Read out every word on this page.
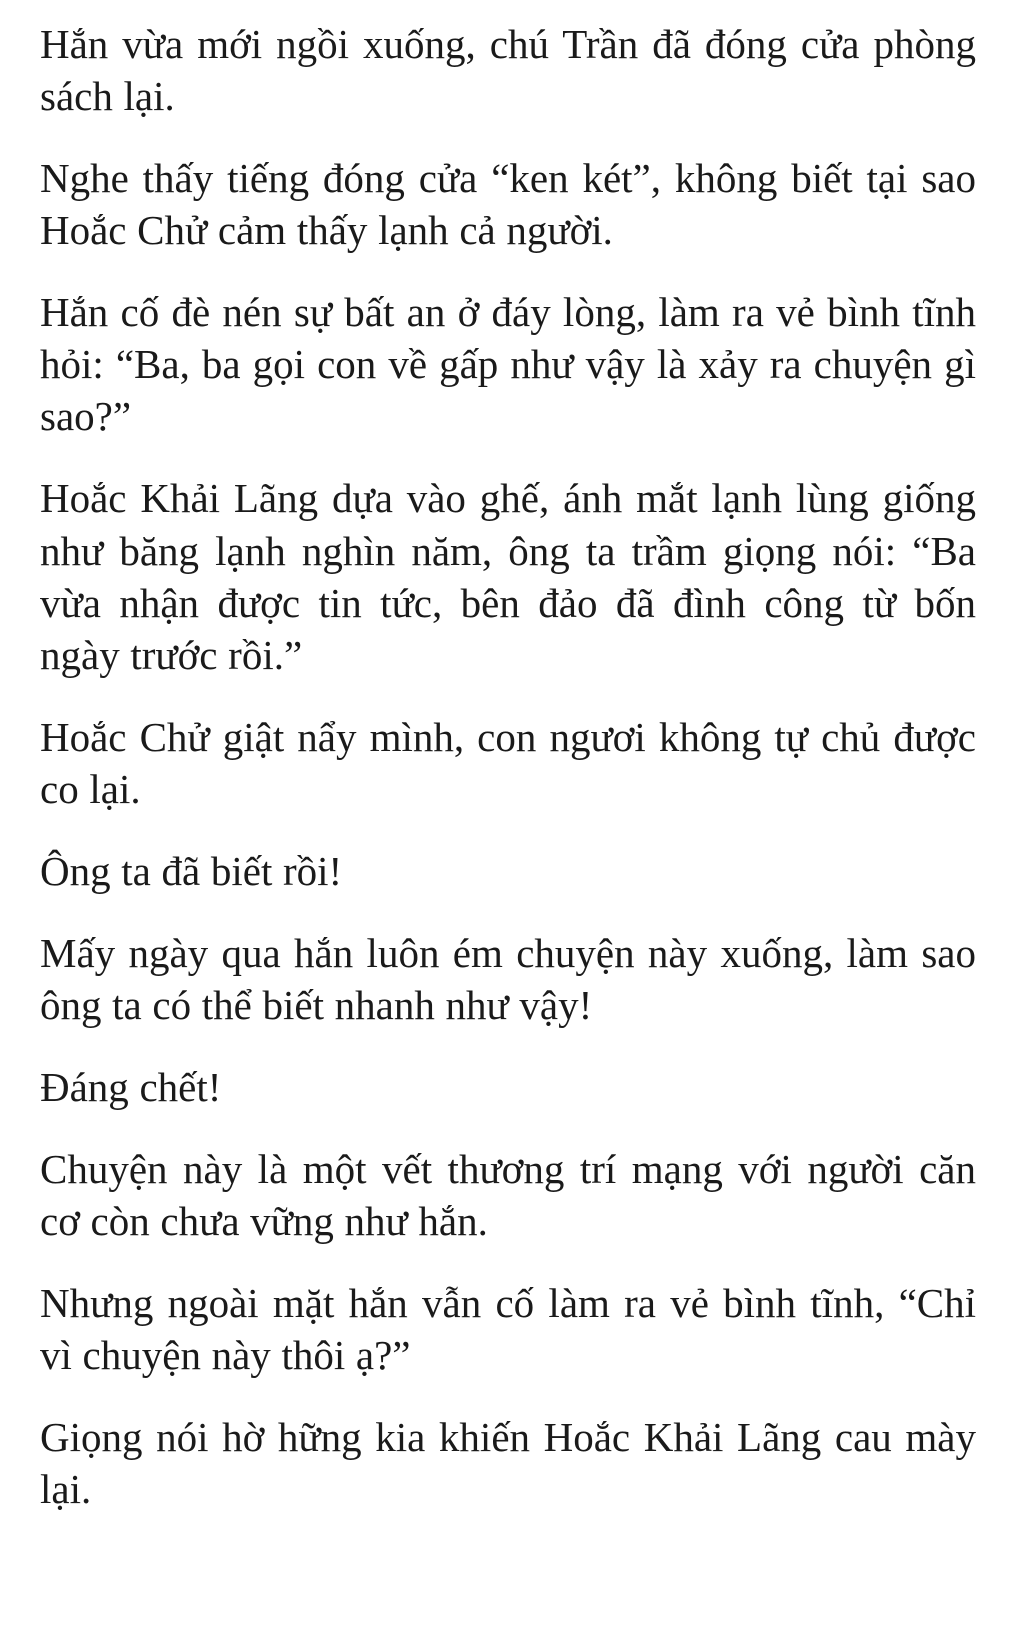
Hắn vừa mới ngồi xuống, chú Trần đã đóng cửa phòng sách lại.

Nghe thấy tiếng đóng cửa “ken két”, không biết tại sao Hoắc Chử cảm thấy lạnh cả người.

Hắn cố đè nén sự bất an ở đáy lòng, làm ra vẻ bình tĩnh hỏi: “Ba, ba gọi con về gấp như vậy là xảy ra chuyện gì sao?”

Hoắc Khải Lãng dựa vào ghế, ánh mắt lạnh lùng giống như băng lạnh nghìn năm, ông ta trầm giọng nói: “Ba vừa nhận được tin tức, bên đảo đã đình công từ bốn ngày trước rồi.”

Hoắc Chử giật nẩy mình, con ngươi không tự chủ được co lại.

Ông ta đã biết rồi!

Mấy ngày qua hắn luôn ém chuyện này xuống, làm sao ông ta có thể biết nhanh như vậy!

Đáng chết!

Chuyện này là một vết thương trí mạng với người căn cơ còn chưa vững như hắn.

Nhưng ngoài mặt hắn vẫn cố làm ra vẻ bình tĩnh, “Chỉ vì chuyện này thôi ạ?”

Giọng nói hờ hững kia khiến Hoắc Khải Lãng cau mày lại.
